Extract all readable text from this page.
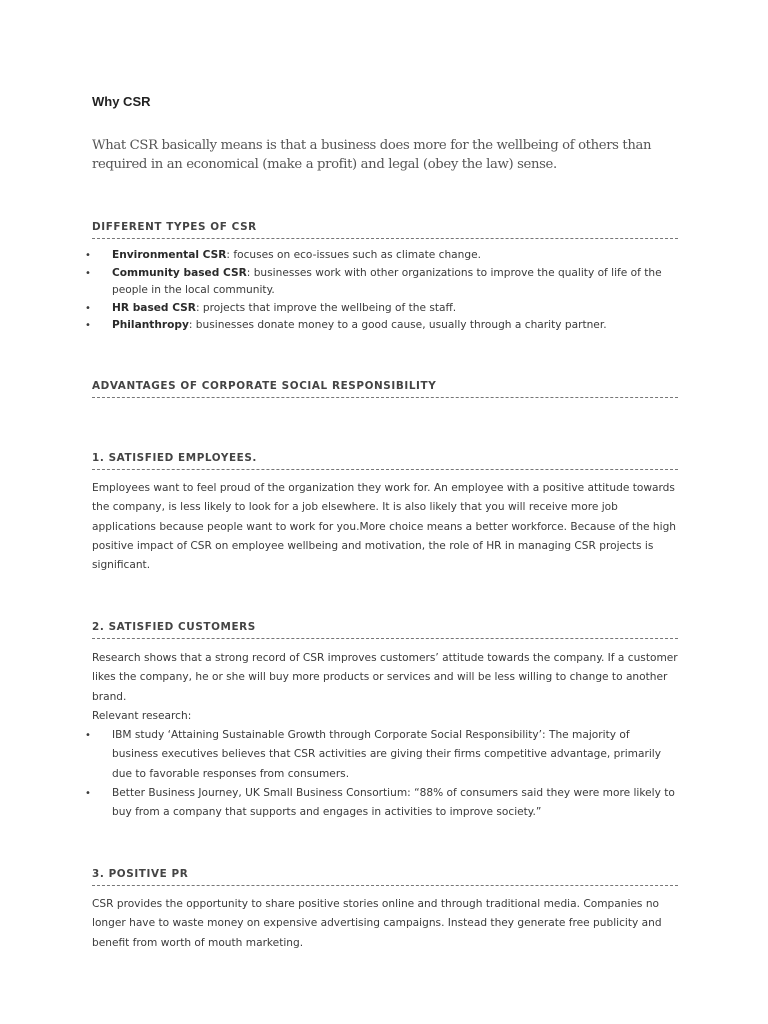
Why CSR
What CSR basically means is that a business does more for the wellbeing of others than required in an economical (make a profit) and legal (obey the law) sense.
DIFFERENT TYPES OF CSR
• Environmental CSR: focuses on eco-issues such as climate change.
• Community based CSR: businesses work with other organizations to improve the quality of life of the people in the local community.
• HR based CSR: projects that improve the wellbeing of the staff.
• Philanthropy: businesses donate money to a good cause, usually through a charity partner.
ADVANTAGES OF CORPORATE SOCIAL RESPONSIBILITY
1. SATISFIED EMPLOYEES.
Employees want to feel proud of the organization they work for. An employee with a positive attitude towards the company, is less likely to look for a job elsewhere. It is also likely that you will receive more job applications because people want to work for you.More choice means a better workforce. Because of the high positive impact of CSR on employee wellbeing and motivation, the role of HR in managing CSR projects is significant.
2. SATISFIED CUSTOMERS
Research shows that a strong record of CSR improves customers’ attitude towards the company. If a customer likes the company, he or she will buy more products or services and will be less willing to change to another brand.
Relevant research:
• IBM study ‘Attaining Sustainable Growth through Corporate Social Responsibility’: The majority of business executives believes that CSR activities are giving their firms competitive advantage, primarily due to favorable responses from consumers.
• Better Business Journey, UK Small Business Consortium: “88% of consumers said they were more likely to buy from a company that supports and engages in activities to improve society.”
3. POSITIVE PR
CSR provides the opportunity to share positive stories online and through traditional media. Companies no longer have to waste money on expensive advertising campaigns. Instead they generate free publicity and benefit from worth of mouth marketing.
